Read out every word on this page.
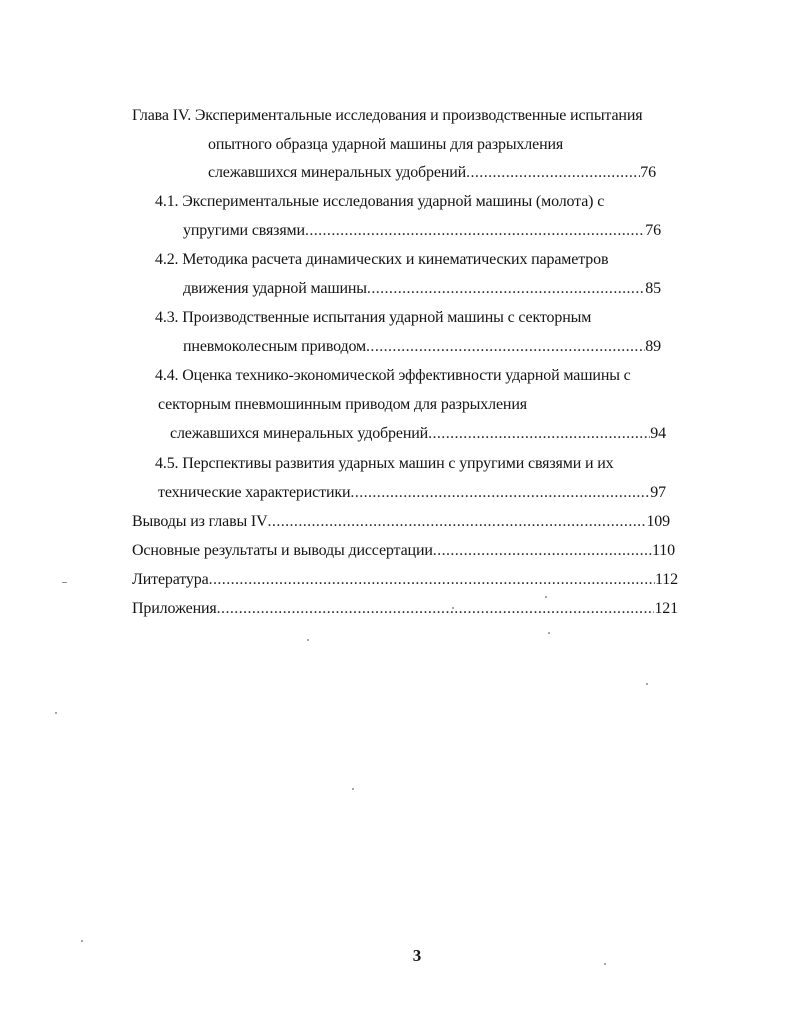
Глава IV. Экспериментальные исследования и производственные испытания
опытного образца ударной машины для разрыхления
слежавшихся минеральных удобрений .....	76
4.1. Экспериментальные исследования ударной машины (молота) с
упругими связями .....	76
4.2. Методика расчета динамических и кинематических параметров
движения ударной машины .....	85
4.3. Производственные испытания ударной машины с секторным
пневмоколесным приводом .....	89
4.4. Оценка технико-экономической эффективности ударной машины с
секторным пневмошинным приводом для разрыхления
слежавшихся минеральных удобрений .....	94
4.5. Перспективы развития ударных машин с упругими связями и их
технические характеристики .....	97
Выводы из главы IV .....	109
Основные результаты и выводы диссертации .....	110
Литература .....	112
Приложения .....	121
3
